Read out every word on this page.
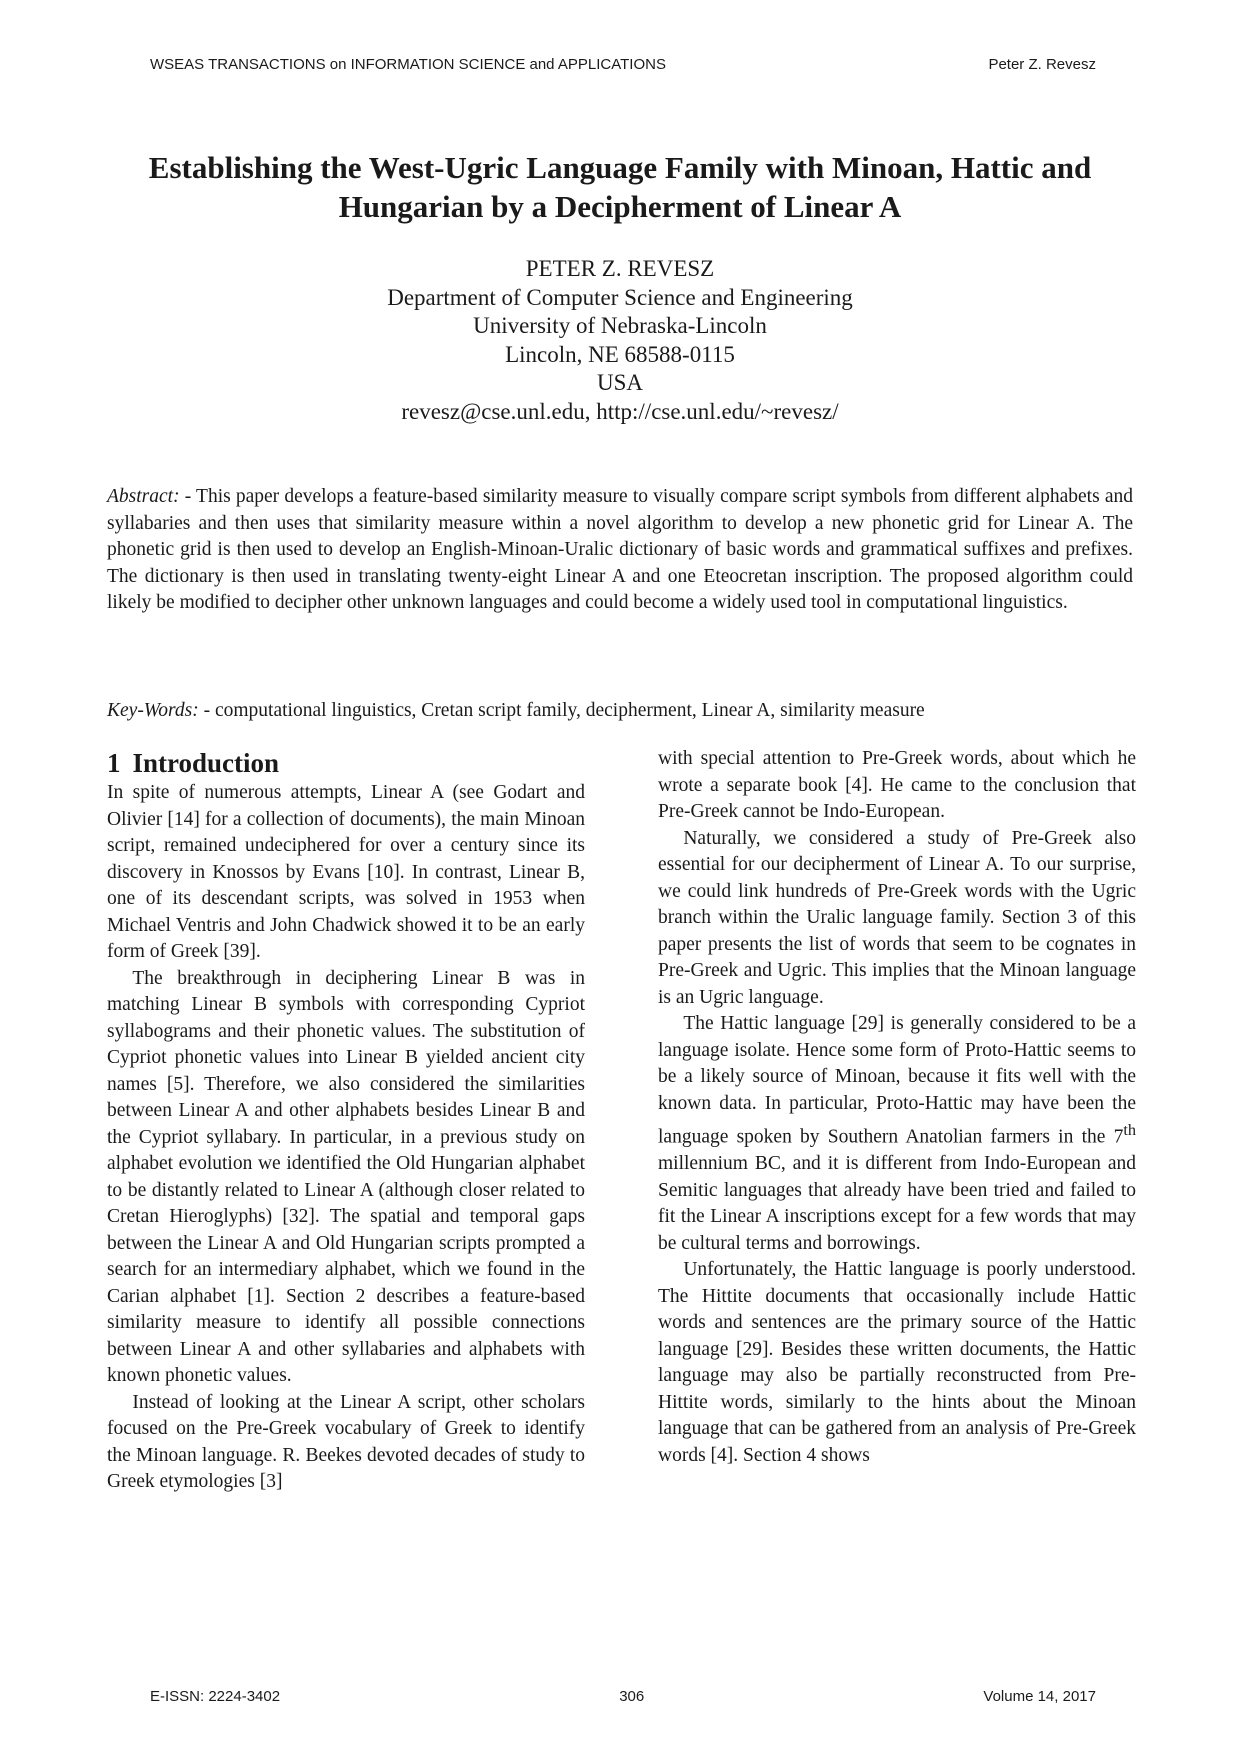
WSEAS TRANSACTIONS on INFORMATION SCIENCE and APPLICATIONS	Peter Z. Revesz
Establishing the West-Ugric Language Family with Minoan, Hattic and Hungarian by a Decipherment of Linear A
PETER Z. REVESZ
Department of Computer Science and Engineering
University of Nebraska-Lincoln
Lincoln, NE 68588-0115
USA
revesz@cse.unl.edu, http://cse.unl.edu/~revesz/

Abstract: - This paper develops a feature-based similarity measure to visually compare script symbols from different alphabets and syllabaries and then uses that similarity measure within a novel algorithm to develop a new phonetic grid for Linear A. The phonetic grid is then used to develop an English-Minoan-Uralic dictionary of basic words and grammatical suffixes and prefixes. The dictionary is then used in translating twenty-eight Linear A and one Eteocretan inscription. The proposed algorithm could likely be modified to decipher other unknown languages and could become a widely used tool in computational linguistics.

Key-Words: - computational linguistics, Cretan script family, decipherment, Linear A, similarity measure

1 Introduction

In spite of numerous attempts, Linear A (see Godart and Olivier [14] for a collection of documents), the main Minoan script, remained undeciphered for over a century since its discovery in Knossos by Evans [10]. In contrast, Linear B, one of its descendant scripts, was solved in 1953 when Michael Ventris and John Chadwick showed it to be an early form of Greek [39].

The breakthrough in deciphering Linear B was in matching Linear B symbols with corresponding Cypriot syllabograms and their phonetic values. The substitution of Cypriot phonetic values into Linear B yielded ancient city names [5]. Therefore, we also considered the similarities between Linear A and other alphabets besides Linear B and the Cypriot syllabary. In particular, in a previous study on alphabet evolution we identified the Old Hungarian alphabet to be distantly related to Linear A (although closer related to Cretan Hieroglyphs) [32]. The spatial and temporal gaps between the Linear A and Old Hungarian scripts prompted a search for an intermediary alphabet, which we found in the Carian alphabet [1]. Section 2 describes a feature-based similarity measure to identify all possible connections between Linear A and other syllabaries and alphabets with known phonetic values.

Instead of looking at the Linear A script, other scholars focused on the Pre-Greek vocabulary of Greek to identify the Minoan language. R. Beekes devoted decades of study to Greek etymologies [3]

with special attention to Pre-Greek words, about which he wrote a separate book [4]. He came to the conclusion that Pre-Greek cannot be Indo-European.

Naturally, we considered a study of Pre-Greek also essential for our decipherment of Linear A. To our surprise, we could link hundreds of Pre-Greek words with the Ugric branch within the Uralic language family. Section 3 of this paper presents the list of words that seem to be cognates in Pre-Greek and Ugric. This implies that the Minoan language is an Ugric language.

The Hattic language [29] is generally considered to be a language isolate. Hence some form of Proto-Hattic seems to be a likely source of Minoan, because it fits well with the known data. In particular, Proto-Hattic may have been the language spoken by Southern Anatolian farmers in the 7th millennium BC, and it is different from Indo-European and Semitic languages that already have been tried and failed to fit the Linear A inscriptions except for a few words that may be cultural terms and borrowings.

Unfortunately, the Hattic language is poorly understood. The Hittite documents that occasionally include Hattic words and sentences are the primary source of the Hattic language [29]. Besides these written documents, the Hattic language may also be partially reconstructed from Pre-Hittite words, similarly to the hints about the Minoan language that can be gathered from an analysis of Pre-Greek words [4]. Section 4 shows

E-ISSN: 2224-3402	306	Volume 14, 2017
